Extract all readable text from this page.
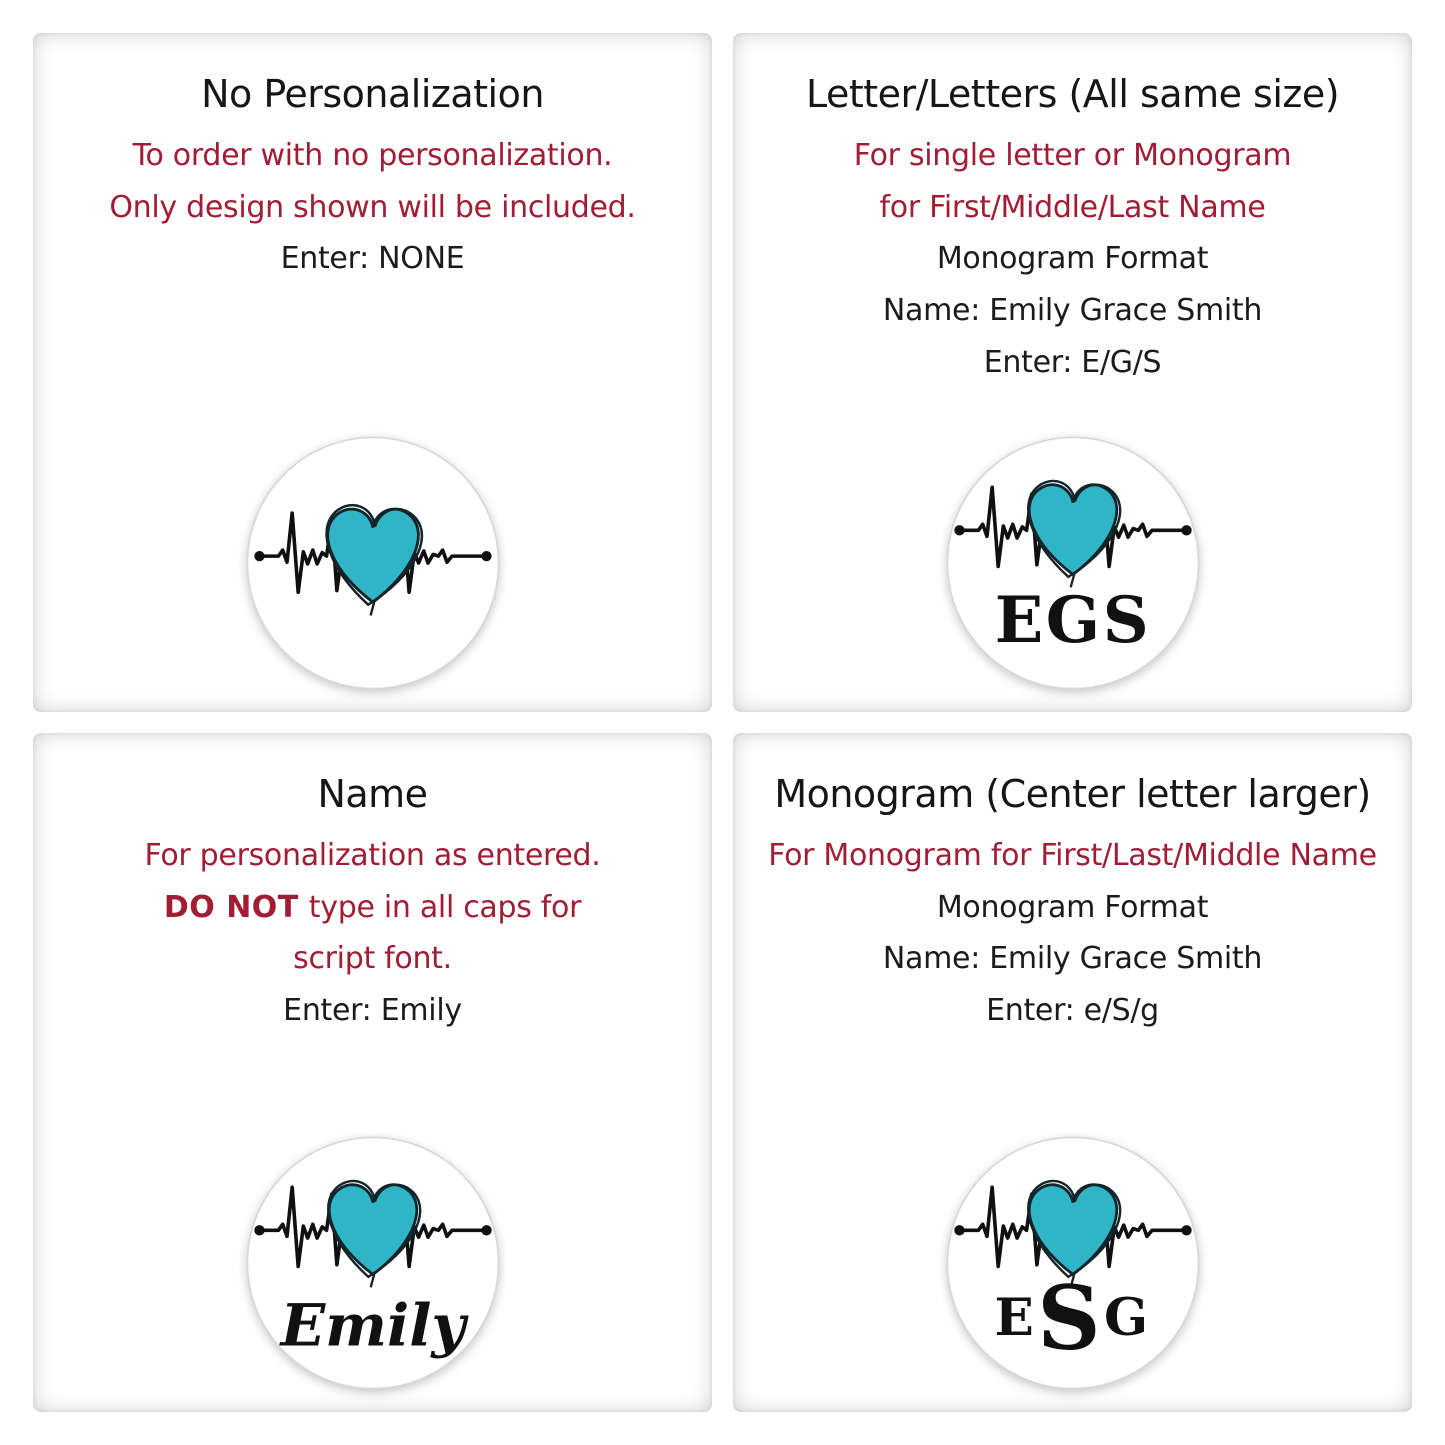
No Personalization

To order with no personalization.

Only design shown will be included.

Enter: NONE

Letter/Letters (All same size)

For single letter or Monogram

for First/Middle/Last Name

Monogram Format

Name: Emily Grace Smith

Enter: E/G/S

EGS
Name

For personalization as entered.

DO NOT type in all caps for

script font.

Enter: Emily

Emily
Monogram (Center letter larger)

For Monogram for First/Last/Middle Name

Monogram Format

Name: Emily Grace Smith

Enter: e/S/g

ESG
